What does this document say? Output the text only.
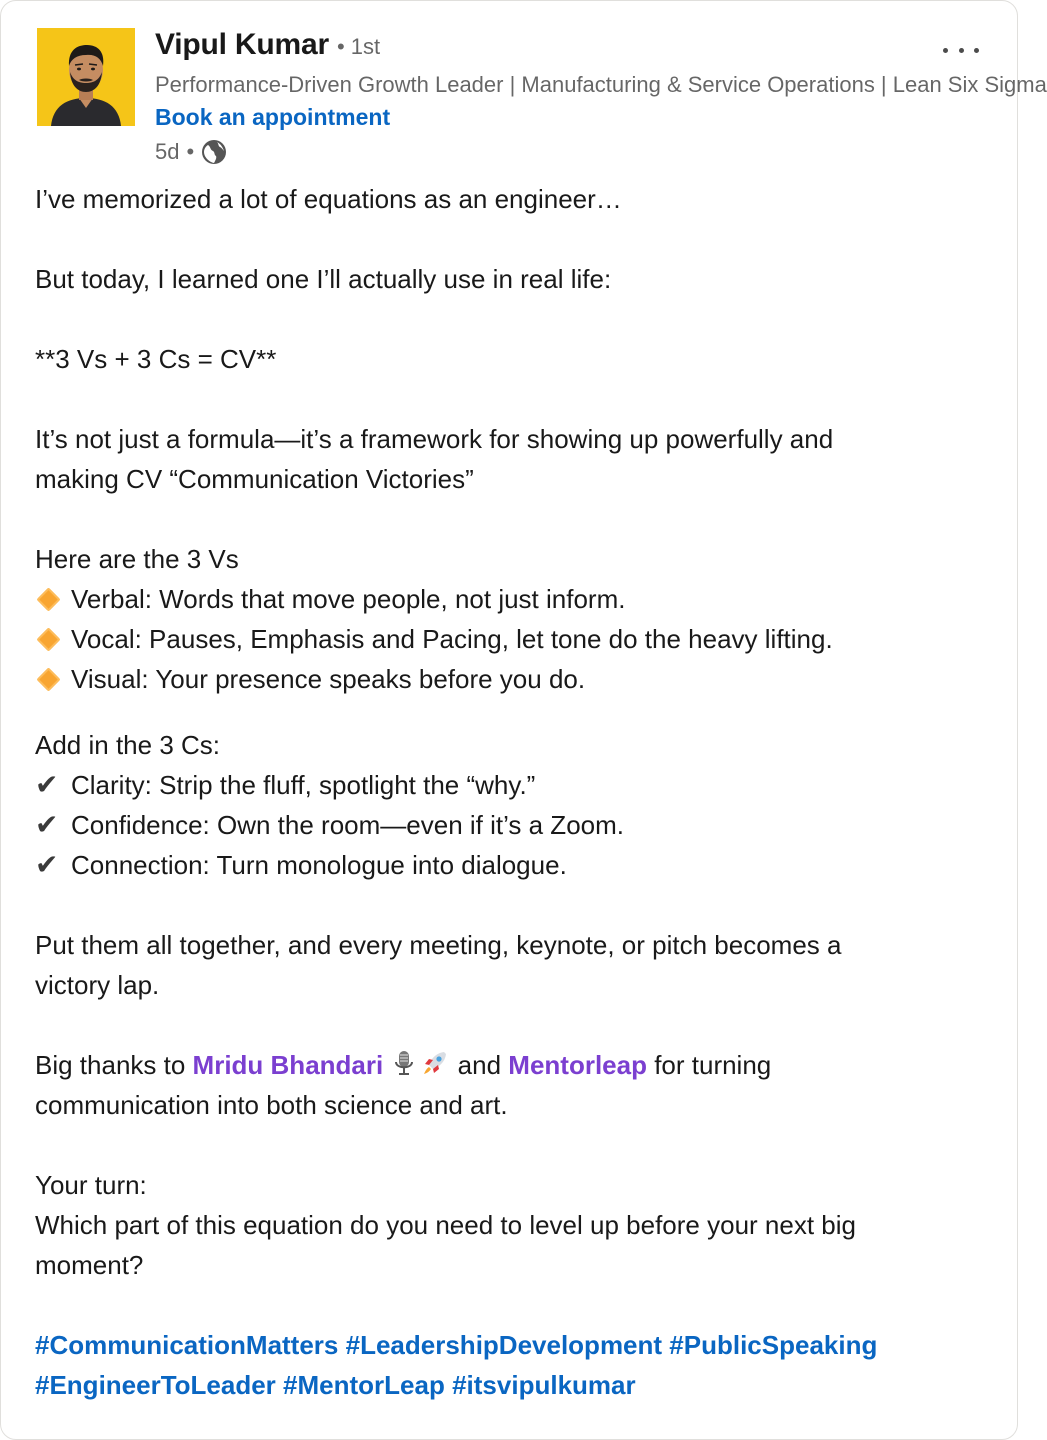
Vipul Kumar • 1st
Performance-Driven Growth Leader | Manufacturing & Service Operations | Lean Six Sigma
Book an appointment
5d •
I’ve memorized a lot of equations as an engineer…
But today, I learned one I’ll actually use in real life:
**3 Vs + 3 Cs = CV**
It’s not just a formula—it’s a framework for showing up powerfully and
making CV “Communication Victories”
Here are the 3 Vs
Verbal: Words that move people, not just inform.
Vocal: Pauses, Emphasis and Pacing, let tone do the heavy lifting.
Visual: Your presence speaks before you do.
Add in the 3 Cs:
✔ Clarity: Strip the fluff, spotlight the “why.”
✔ Confidence: Own the room—even if it’s a Zoom.
✔ Connection: Turn monologue into dialogue.
Put them all together, and every meeting, keynote, or pitch becomes a
victory lap.
Big thanks to Mridu Bhandari	and Mentorleap for turning
communication into both science and art.
Your turn:
Which part of this equation do you need to level up before your next big
moment?
#CommunicationMatters #LeadershipDevelopment #PublicSpeaking
#EngineerToLeader #MentorLeap #itsvipulkumar
